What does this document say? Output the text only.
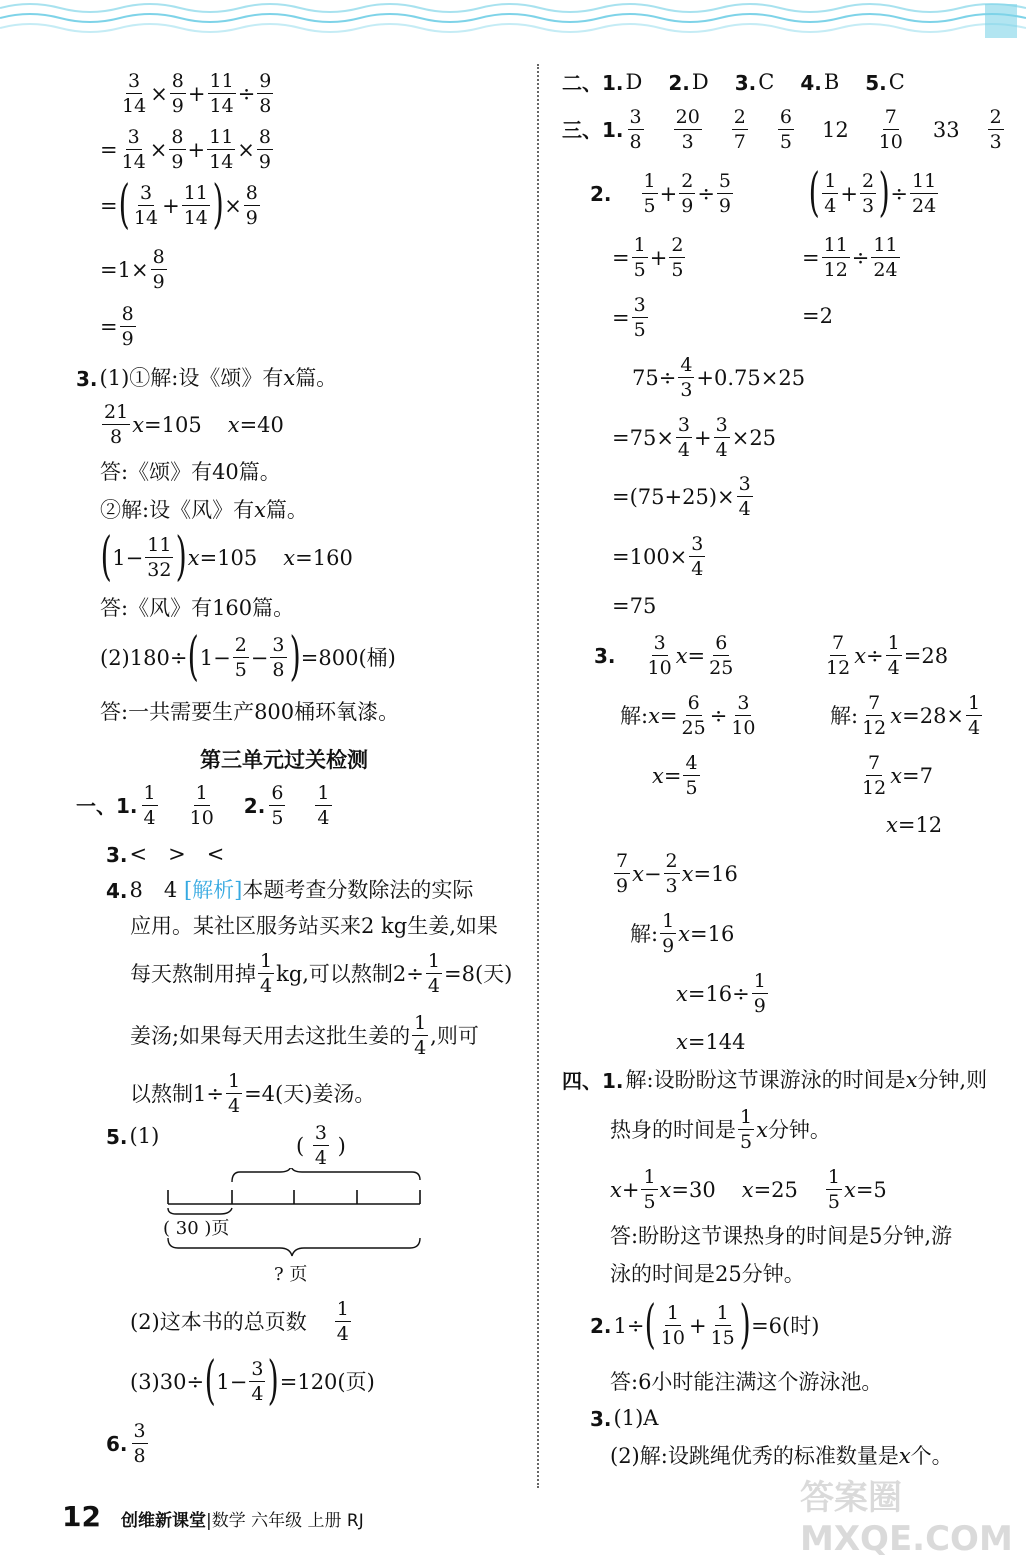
$\frac{3}{14} \times \frac{8}{9} + \frac{11}{14} \div \frac{9}{8}$
= $\frac{3}{14} \times \frac{8}{9} + \frac{11}{14} \times \frac{8}{9}$
= ( 3
14
+ $\frac{11}{14}$ ) × $\frac{8}{9}$
$=1\times \frac{8}{9}$
= $\frac{8}{9}$
3. (1)①解:设《颂》有 x 篇。
21
8
x =105 x =40
答:《颂》有40篇。
②解:设《风》有 x 篇。
( $1- \frac{11}{32}$ ) x =105 x =160
答:《风》有160篇。
(2)180÷ ( $1- \frac{2}{5} - \frac{3}{8}$ ) =800(桶)
答:一共需要生产800桶环氧漆。
第三单元过关检测
一、1.
1
4
1
10 2.
6
5
1
4
3. <　>　<
4. 8　4
[解析] 本题考查分数除法的实际
应用。某社区服务站买来2 kg生姜,如果
每天熬制用掉
1
4
kg,可以熬制$2\div \frac{1}{4} =8$(天)
姜汤;如果每天用去这批生姜的
1
4
,则可
以熬制$1\div \frac{1}{4} =4$(天)姜汤。
5. (1)	(

3
4

)
(
30
)页
? 页
(2)这本书的总页数
1
4
(3)30÷ ( $1- \frac{3}{4}$ ) =120(页)
6.
3
8
二、1. D 2. D 3. C 4. B 5. C
三、1.
3
8
20
3
2
7
6
5
12
7
10
33
2
3
2.
1
5
+ $\frac{2}{9} \div \frac{5}{9}$ ( 1
4
+ $\frac{2}{3}$ ) ÷ $\frac{11}{24}$
= $\frac{1}{5} + \frac{2}{5}$	= $\frac{11}{12} \div \frac{11}{24}$
= $\frac{3}{5}$	=2
$75\div \frac{4}{3} +0.75\times 25$
$=75\times \frac{3}{4} + \frac{3}{4} \times 25$
$=(75+25)\times \frac{3}{4}$
$=100\times \frac{3}{4}$
=75
3.
3
10
$x = \frac{6}{25}$	7
12
$x \div \frac{1}{4} =28$
解: $x = \frac{6}{25} \div \frac{3}{10}$	解:
7
12
$x =28\times \frac{1}{4}$
$x = \frac{4}{5}$	7
12
x =7
x =12
7
9
$x - \frac{2}{3}$ x =16
解:
1
9
x =16
$x =16\div \frac{1}{9}$
x =144
四、1. 解:设盼盼这节课游泳的时间是 x 分钟,则
热身的时间是
1
5
x 分钟。
$x + \frac{1}{5}$ x =30 x =25
1
5
x =5
答:盼盼这节课热身的时间是5分钟,游
泳的时间是25分钟。
2. 1÷ ( 1
10
+ $\frac{1}{15}$ ) =6(时)
答:6小时能注满这个游泳池。
3. (1)A
(2)解:设跳绳优秀的标准数量是 x 个。
答案圈 MXQE.COM
12 创维新课堂|数学 六年级 上册 RJ
